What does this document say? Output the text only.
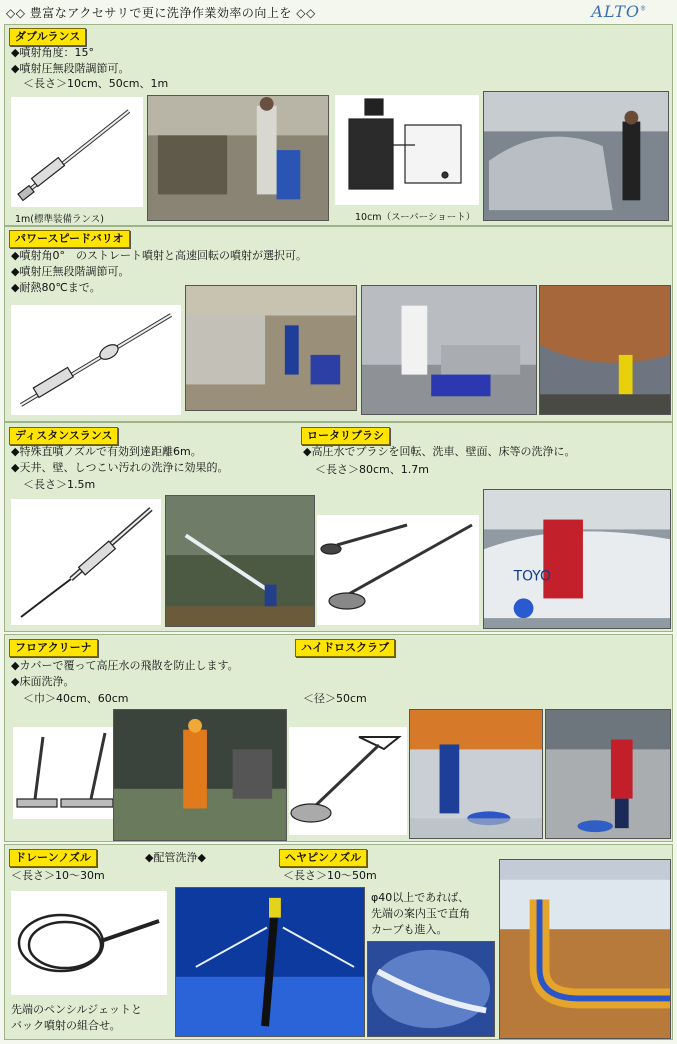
◇◇ 豊富なアクセサリで更に洗浄作業効率の向上を ◇◇	ALTO®
ダブルランス
◆噴射角度：15°
◆噴射圧無段階調節可。
＜長さ＞10cm、50cm、1m
1m(標準装備ランス)	10cm（スーパーショート）
パワースピードバリオ
◆噴射角0°　のストレート噴射と高速回転の噴射が選択可。
◆噴射圧無段階調節可。
◆耐熱80℃まで。
ディスタンスランス
◆特殊直噴ノズルで有効到達距離6m。
◆天井、壁、しつこい汚れの洗浄に効果的。
＜長さ＞1.5m
ロータリブラシ
◆高圧水でブラシを回転、洗車、壁面、床等の洗浄に。
＜長さ＞80cm、1.7m
TOYO
フロアクリーナ
◆カバーで覆って高圧水の飛散を防止します。
◆床面洗浄。
＜巾＞40cm、60cm
ハイドロスクラブ
＜径＞50cm
ドレーンノズル
＜長さ＞10～30m
◆配管洗浄◆
先端のペンシルジェットと
バック噴射の組合せ。
ヘヤピンノズル
＜長さ＞10～50m
φ40以上であれば、
先端の案内玉で直角
カーブも進入。
